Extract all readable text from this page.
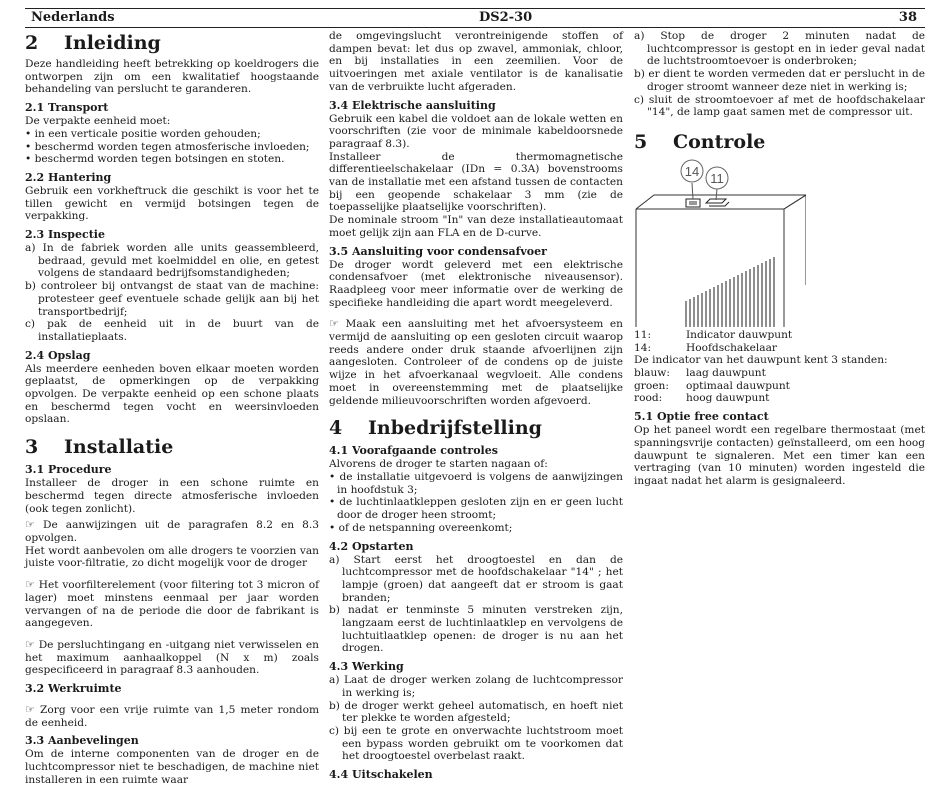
Nederlands	DS2-30	38
2 Inleiding

Deze handleiding heeft betrekking op koeldrogers die ontworpen zijn om een kwalitatief hoogstaande behandeling van perslucht te garanderen.

2.1 Transport

De verpakte eenheid moet:

• in een verticale positie worden gehouden;

• beschermd worden tegen atmosferische invloeden;

• beschermd worden tegen botsingen en stoten.

2.2 Hantering

Gebruik een vorkheftruck die geschikt is voor het te tillen gewicht en vermijd botsingen tegen de verpakking.

2.3 Inspectie

a) In de fabriek worden alle units geassembleerd, bedraad, gevuld met koelmiddel en olie, en getest volgens de standaard bedrijfsomstandigheden;

b) controleer bij ontvangst de staat van de machine: protesteer geef eventuele schade gelijk aan bij het transportbedrijf;

c) pak de eenheid uit in de buurt van de installatieplaats.

2.4 Opslag

Als meerdere eenheden boven elkaar moeten worden geplaatst, de opmerkingen op de verpakking opvolgen. De verpakte eenheid op een schone plaats en beschermd tegen vocht en weersinvloeden opslaan.

3 Installatie
3.1 Procedure

Installeer de droger in een schone ruimte en beschermd tegen directe atmosferische invloeden (ook tegen zonlicht).

☞ De aanwijzingen uit de paragrafen 8.2 en 8.3 opvolgen.

Het wordt aanbevolen om alle drogers te voorzien van juiste voor-filtratie, zo dicht mogelijk voor de droger

☞ Het voorfilterelement (voor filtering tot 3 micron of lager) moet minstens eenmaal per jaar worden vervangen of na de periode die door de fabrikant is aangegeven.

☞ De persluchtingang en -uitgang niet verwisselen en het maximum aanhaalkoppel (N x m) zoals gespecificeerd in paragraaf 8.3 aanhouden.

3.2 Werkruimte

☞ Zorg voor een vrije ruimte van 1,5 meter rondom de eenheid.

3.3 Aanbevelingen

Om de interne componenten van de droger en de luchtcompressor niet te beschadigen, de machine niet installeren in een ruimte waar

de omgevingslucht verontreinigende stoffen of dampen bevat: let dus op zwavel, ammoniak, chloor, en bij installaties in een zeemilien. Voor de uitvoeringen met axiale ventilator is de kanalisatie van de verbruikte lucht afgeraden.

3.4 Elektrische aansluiting

Gebruik een kabel die voldoet aan de lokale wetten en voorschriften (zie voor de minimale kabeldoorsnede paragraaf 8.3).

Installeer de thermomagnetische differentieelschakelaar (IDn = 0.3A) bovenstrooms van de installatie met een afstand tussen de contacten bij een geopende schakelaar 3 mm (zie de toepasselijke plaatselijke voorschriften).

De nominale stroom "In" van deze installatieautomaat moet gelijk zijn aan FLA en de D-curve.

3.5 Aansluiting voor condensafvoer

De droger wordt geleverd met een elektrische condensafvoer (met elektronische niveausensor). Raadpleeg voor meer informatie over de werking de specifieke handleiding die apart wordt meegeleverd.

☞ Maak een aansluiting met het afvoersysteem en vermijd de aansluiting op een gesloten circuit waarop reeds andere onder druk staande afvoerlijnen zijn aangesloten. Controleer of de condens op de juiste wijze in het afvoerkanaal wegvloeit. Alle condens moet in overeenstemming met de plaatselijke geldende milieuvoorschriften worden afgevoerd.

4 Inbedrijfstelling
4.1 Voorafgaande controles

Alvorens de droger te starten nagaan of:

• de installatie uitgevoerd is volgens de aanwijzingen in hoofdstuk 3;

• de luchtinlaatkleppen gesloten zijn en er geen lucht door de droger heen stroomt;

• of de netspanning overeenkomt;

4.2 Opstarten

a) Start eerst het droogtoestel en dan de luchtcompressor met de hoofdschakelaar "14" ; het lampje (groen) dat aangeeft dat er stroom is gaat branden;

b) nadat er tenminste 5 minuten verstreken zijn, langzaam eerst de luchtinlaatklep en vervolgens de luchtuitlaatklep openen: de droger is nu aan het drogen.

4.3 Werking

a) Laat de droger werken zolang de luchtcompressor in werking is;

b) de droger werkt geheel automatisch, en hoeft niet ter plekke te worden afgesteld;

c) bij een te grote en onverwachte luchtstroom moet een bypass worden gebruikt om te voorkomen dat het droogtoestel overbelast raakt.

4.4 Uitschakelen

a) Stop de droger 2 minuten nadat de luchtcompressor is gestopt en in ieder geval nadat de luchtstroomtoevoer is onderbroken;

b) er dient te worden vermeden dat er perslucht in de droger stroomt wanneer deze niet in werking is;

c) sluit de stroomtoevoer af met de hoofdschakelaar "14", de lamp gaat samen met de compressor uit.

5 Controle
14 11
11:	Indicator dauwpunt
14:	Hoofdschakelaar

De indicator van het dauwpunt kent 3 standen:

blauw:	laag dauwpunt
groen:	optimaal dauwpunt
rood:	hoog dauwpunt
5.1 Optie free contact

Op het paneel wordt een regelbare thermostaat (met spanningsvrije contacten) geïnstalleerd, om een hoog dauwpunt te signaleren. Met een timer kan een vertraging (van 10 minuten) worden ingesteld die ingaat nadat het alarm is gesignaleerd.
